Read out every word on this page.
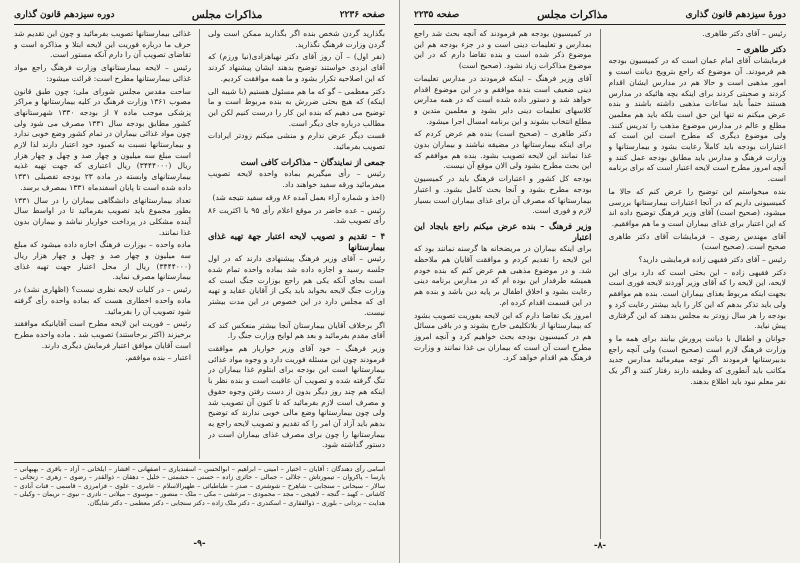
صفحه ۲۲۳۶
مذاکرات مجلس
دوره سیزدهم قانون گذاری

بگذارید گردن شخص بنده اگر بگذارید ممکن است ولی گردن وزارت فرهنگ نگذارید.

(نفر اول) – آن روز آقای دکتر نهیاهزادی(نیا ورزم) که آقای ایزدی خواستند توضیح بدهند ایشان پیشنهاد کردند که این اصلاحیه تکرار بشود و ما همه موافقت کردیم.

دکتر معظمی – گو که ما هم مسئول هستیم (با شیبه الی اینکه) که هیچ بحثی ضررش به بنده مربوط است و ما توضیح می دهیم که بنده این کار را درست کنیم لکن این مطالب درباره جای دیگر است.

قست دیگر عرض ندارم و منشی میکنم زودتر ایرادات تصویب بفرمائید.

جمعی از نمایندگان – مذاکرات کافی است

رئیس – رأی میگیریم بماده واحده لایحه تصویب میفرمائید ورقه سفید خواهند داد.

(اخذ و شماره آراء بعمل آمده ۸۶ ورقه سفید نتیجه شد)

رئیس – عده حاضر در موقع اعلام رأی ۹۵ با اکثریت ۸۶ رأی تصویب شد.

۴ – تقدیم و تصویب لایحه اعتبار جهة تهیه غذای بیمارستانها

رئیس – آقای وزیر فرهنگ پیشنهادی دارند که در اول جلسه رسید و اجازه داده شد بماده واحده تمام شده است بجای آنکه یکی هم راجع بوزارت جنگ است که وزارت جنگ لایحه بخوابد باید یکی از آقایان عقاید و تهیه ای که مجلس دارد در این خصوص در این مدت بیشتر نیست.

اگر برخلاف آقایان بیمارستان آنجا بیشتر منعکس کند که آقای مقدم بفرمائید و بعد هم لوایح وزارت جنگ را.

وزیر فرهنگ – خود آقای وزیر خواربار هم موافقت فرمودند چون این مسئله فوریت دارد و وجوه مواد غذائی بیمارستانها است این بودجه برای ابتلوم غذا بیماران در تنگ گرفته شده و تصویب آن عاقبت است و بنده نظر با اینکه هم چند روز دیگر بدون از دست رفتن وجوه حقوق و مصرف است لازم بفرمائید که تا کنون آن تصویب شد ولی چون بیمارستانها وضع مالی خوبی ندارند که توضیح بدهم باید آزاد آن امر را که تقدیم و تصویب لایحه راجع به بیمارستانها را چون برای مصرف غذای بیماران است در دستور گذاشته شود.

غذائی بیمارستانها تصویب بفرمائید و چون این تقدیم شد حرف ما درباره فوریت این لایحه ابتلا و مذاکره است و تقاضای تصویب آن را دارم آنکه مستور است.

رئیس – لایحه بیمارستانهای وزارت فرهنگ راجع مواد غذائی بیمارستانها مطرح است: قرائت میشود:

ساحت مقدس مجلس شورای ملی: چون طبق قانون مصوب ۱۳۶۱ وزارت فرهنگ در کلیه بیمارستانها و مراکز پزشکی موجب ماده ۷ از بودجه ۱۳۳۰ شهرستانهای کشور مطابق بودجه سال ۱۳۳۱ مصرف می شود ولی چون مواد غذائی بیماران در تمام کشور وضع خوبی ندارد و بیمارستانها نسبت به کمبود خود اعتبار دارند لذا لازم است مبلغ سه میلیون و چهار صد و چهل و چهار هزار ریال (۳۴۴۴۰۰۰) ریال اعتباری که جهت تهیه غذیه بیمارستانهای وابسته در ماده ۲۳ بودجه تفصیلی ۱۳۳۱ داده شده است تا پایان اسفندماه ۱۳۳۱ بمصرف برسد.

تعداد بیمارستانهای دانشگاهی بیماران را در سال ۱۳۳۱ بطور مجموع باید تصویب بفرمائید تا در اواسط سال آینده مشکلی در پرداخت خواربار نباشد و بیماران بدون غذا نمانند.

ماده واحده – بوزارت فرهنگ اجازه داده میشود که مبلغ سه میلیون و چهار صد و چهل و چهار هزار ریال (۳۴۴۴۰۰۰) ریال از محل اعتبار جهت تهیه غذای بیمارستانها مصرف نماید.

رئیس – در کلیات لایحه نظری نیست؟ (اظهاری نشد) در ماده واحده اخطاری هست که بماده واحده رأی گرفته شود تصویب آن را بفرمائید.

رئیس – فوریت این لایحه مطرح است آقایانیکه موافقند برخیزند (اکثر برخاستند) تصویب شد . ماده واحده مطرح است آقایان موافق اعتبار فرمایش دیگری دارند.

اعتبار – بنده موافقم.

اسامی رأی دهندگان : آقایان – اختیار – امینی – ابراهیم – ابوالحسن – اسفندیاری – اصفهانی – افشار – ایلخانی – آزاد – باقری – بهبهانی – پارسا – پاکروان – تیمورتاش – جلالی – جمالی – حائری زاده – حسنی – حشمتی – خلیل – دهقان – ذوالقدر – رضوی – زهری – زنجانی – سالار – سبحانی – سنجابی – شاهرخ – شوشتری – صدر – طباطبائی – ظهیرالاسلام – عامری – علوی – فرامرزی – قاسمی – قنات آبادی – کاشانی – کهبد – گنجه – لاهیجی – مجد – محمودی – مرعشی – مکی – ملک – منصور – موسوی – میلانی – نادری – نبوی – نریمان – وکیلی – هدایت – یزدانی – بلوری – ذوالفقاری – اسکندری – دکتر ملک زاده – دکتر سنجابی – دکتر معظمی – دکتر شایگان.
-۹-
دورهٔ سیزدهم قانون گذاری
مذاکرات مجلس
صفحه ۲۲۳۵

رئیس – آقای دکتر طاهری.

دکتر طاهری –

فرمایشات آقای امام عمان است که در کمیسیون بودجه هم فرمودند. آن موضوع که راجع بترویج دیانت است و امور مذهبی است و حالا هم در مدارس ایشان اقدام کردند و صحبتی کردند برای اینکه بچه هائیکه در مدارس هستند حتماً باید ساعات مذهبی داشته باشند و بنده عرض میکنم نه تنها این حق است بلکه باید هم معلمین مطلع و عالم در مدارس موضوع مذهب را تدریس کنند. ولی موضوع دیگری که مطرح است این است که اعتبارات بودجه باید کاملاً رعایت بشود و بیمارستانها و وزارت فرهنگ و مدارس باید مطابق بودجه عمل کنند و آنچه امروز مطرح است لایحه اعتبار است که برای برنامه است.

بنده میخواستم این توضیح را عرض کنم که حالا ما کمیسیونی داریم که در آنجا اعتبارات بیمارستانها بررسی میشود، (صحیح است) آقای وزیر فرهنگ توضیح داده اند که این اعتبار برای غذای بیماران است و ما هم موافقیم.

آقای مهندس رضوی – فرمایشات آقای دکتر طاهری صحیح است. (صحیح است)

رئیس – آقای دکتر فقیهی زاده فرمایشی دارید؟

دکتر فقیهی زاده – این بحثی است که دارد برای این لایحه، این لایحه را که آقای وزیر آوردند لایحه فوری است بجهت اینکه مربوط بغذای بیماران است. بنده هم موافقم ولی باید تذکر بدهم که این کار را باید بیشتر رعایت کرد و بودجه را هر سال زودتر به مجلس بدهند که این گرفتاری پیش نیاید.

جوانان و اطفال با دیانت پرورش بیابند برای همه ما و وزارت فرهنگ لازم است (صحیح است) ولی آنچه راجع بدبیرستانها فرمودند اگر توجه میفرمائید مدارس جدید مکاتب باید آنطوری که وظیفه دارند رفتار کنند و اگر یک نفر معلم نبود باید اطلاع بدهند.

در کمیسیون بودجه هم فرمودند که آنچه بحث شد راجع بمدارس و تعلیمات دینی است و در جزء بودجه هم این موضوع ذکر شده است و بنده تقاضا دارم که در این موضوع مذاکرات زیاد نشود. (صحیح است)

آقای وزیر فرهنگ – اینکه فرمودند در مدارس تعلیمات دینی ضعیف است بنده موافقم و در این موضوع اقدام خواهد شد و دستور داده شده است که در همه مدارس کلاسهای تعلیمات دینی دایر بشود و معلمین متدین و مطلع انتخاب بشوند و این برنامه امسال اجرا میشود.

دکتر طاهری – (صحیح است) بنده هم عرض کردم که برای اینکه بیمارستانها در مضیقه نباشند و بیماران بدون غذا نمانند این لایحه تصویب بشود. بنده هم موافقم که این بحث مطرح بشود ولی الان موقع آن نیست.

بودجه کل کشور و اعتبارات فرهنگ باید در کمیسیون بودجه مطرح بشود و آنجا بحث کامل بشود. و اعتبار بیمارستانها که مصرف آن برای غذای بیماران است بسیار لازم و فوری است.

وزیر فرهنگ – بنده عرض میکنم راجع بایجاد این اعتبار

برای اینکه بیماران در مریضخانه ها گرسنه نمانند بود که این لایحه را تقدیم کردم و موافقت آقایان هم ملاحظه شد. و در موضوع مذهبی هم عرض کنم که بنده خودم همیشه طرفدار این بوده ام که در مدارس برنامه دینی رعایت بشود و اخلاق اطفال بر پایه دین باشد و بنده هم در این قسمت اقدام کرده ام.

امروز یک تقاضا دارم که این لایحه بفوریت تصویب بشود که بیمارستانها از بلاتکلیفی خارج بشوند و در باقی مسائل هم در کمیسیون بودجه بحث خواهیم کرد و آنچه امروز مطرح است آن است که بیماران بی غذا نمانند و وزارت فرهنگ هم اقدام خواهد کرد.

-۸-
